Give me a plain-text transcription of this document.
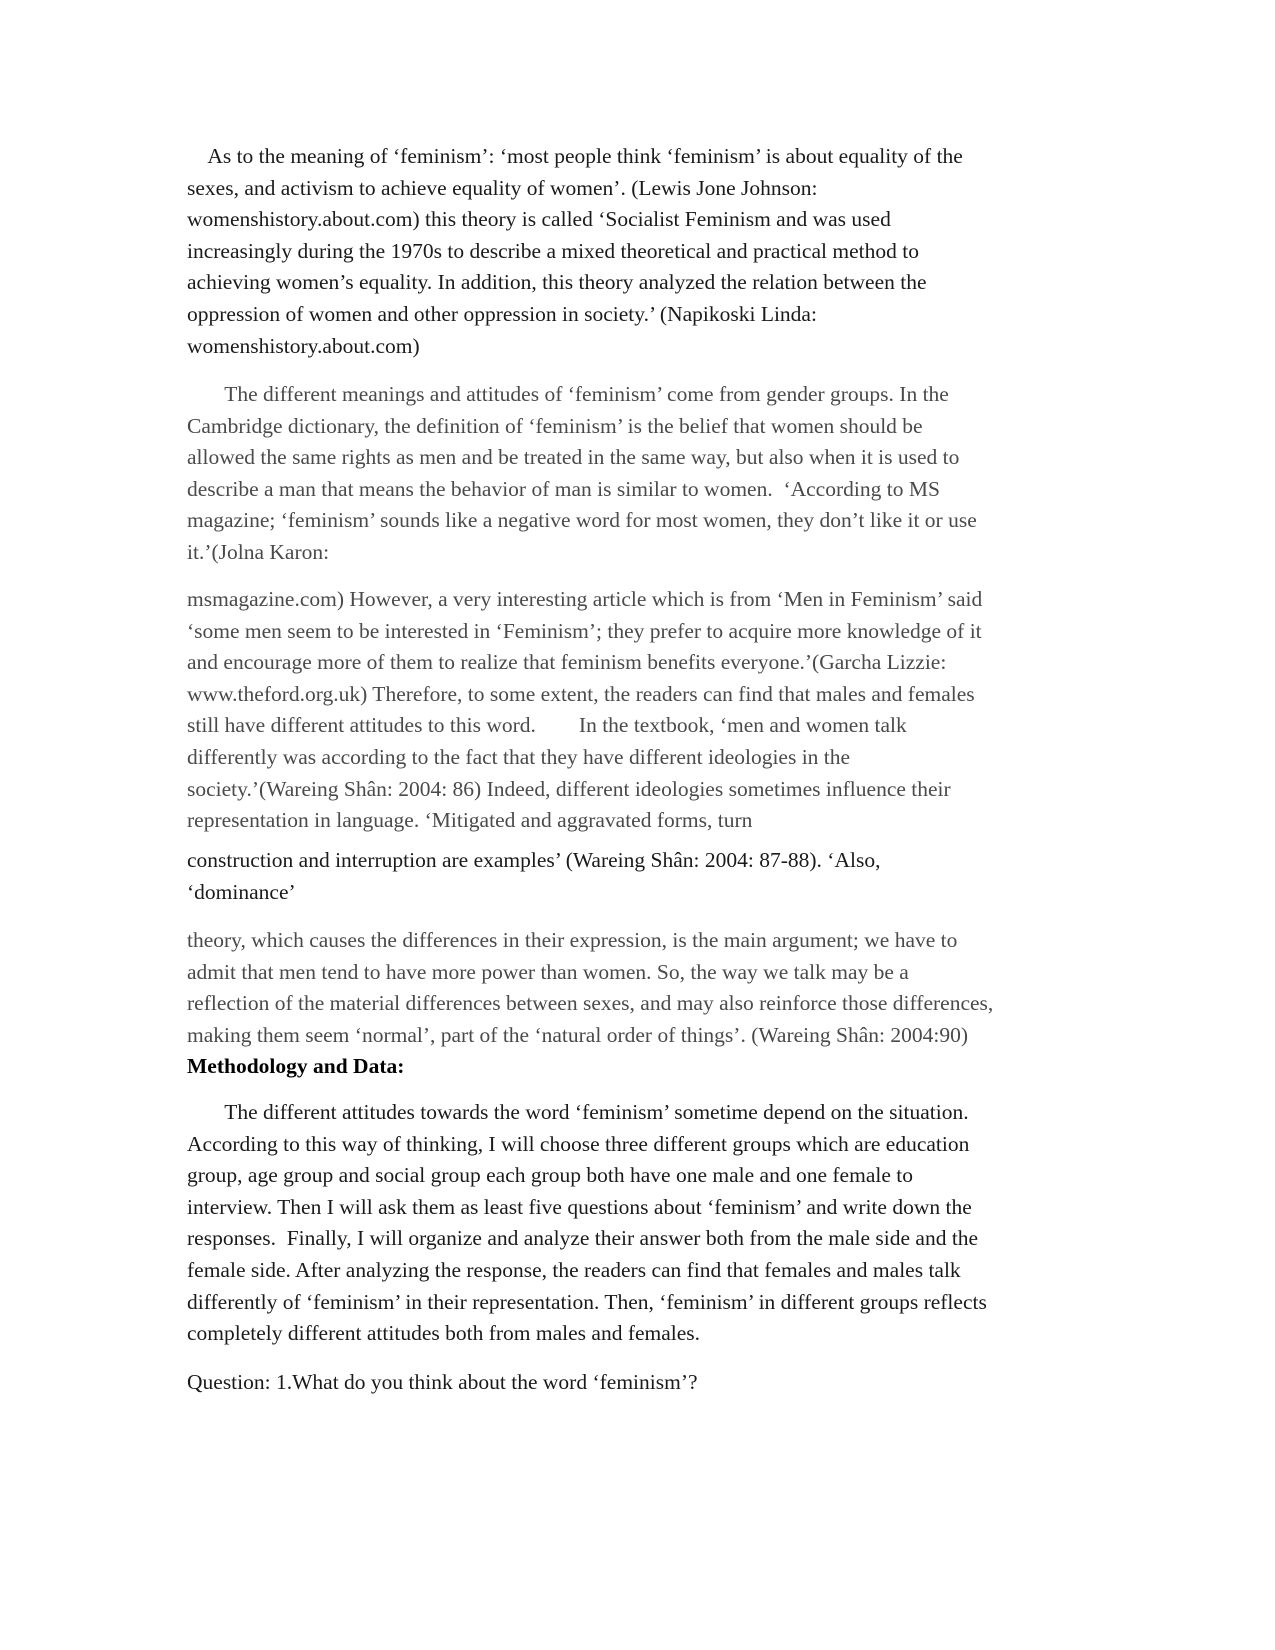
As to the meaning of ‘feminism’: ‘most people think ‘feminism’ is about equality of the
sexes, and activism to achieve equality of women’. (Lewis Jone Johnson:
womenshistory.about.com) this theory is called ‘Socialist Feminism and was used
increasingly during the 1970s to describe a mixed theoretical and practical method to
achieving women’s equality. In addition, this theory analyzed the relation between the
oppression of women and other oppression in society.’ (Napikoski Linda:
womenshistory.about.com)

The different meanings and attitudes of ‘feminism’ come from gender groups. In the
Cambridge dictionary, the definition of ‘feminism’ is the belief that women should be
allowed the same rights as men and be treated in the same way, but also when it is used to
describe a man that means the behavior of man is similar to women.  ‘According to MS
magazine; ‘feminism’ sounds like a negative word for most women, they don’t like it or use
it.’(Jolna Karon:

msmagazine.com) However, a very interesting article which is from ‘Men in Feminism’ said
‘some men seem to be interested in ‘Feminism’; they prefer to acquire more knowledge of it
and encourage more of them to realize that feminism benefits everyone.’(Garcha Lizzie:
www.theford.org.uk) Therefore, to some extent, the readers can find that males and females
still have different attitudes to this word.        In the textbook, ‘men and women talk
differently was according to the fact that they have different ideologies in the
society.’(Wareing Shân: 2004: 86) Indeed, different ideologies sometimes influence their
representation in language. ‘Mitigated and aggravated forms, turn

construction and interruption are examples’ (Wareing Shân: 2004: 87-88). ‘Also,
‘dominance’

theory, which causes the differences in their expression, is the main argument; we have to
admit that men tend to have more power than women. So, the way we talk may be a
reflection of the material differences between sexes, and may also reinforce those differences,
making them seem ‘normal’, part of the ‘natural order of things’. (Wareing Shân: 2004:90)
Methodology and Data:

The different attitudes towards the word ‘feminism’ sometime depend on the situation.
According to this way of thinking, I will choose three different groups which are education
group, age group and social group each group both have one male and one female to
interview. Then I will ask them as least five questions about ‘feminism’ and write down the
responses.  Finally, I will organize and analyze their answer both from the male side and the
female side. After analyzing the response, the readers can find that females and males talk
differently of ‘feminism’ in their representation. Then, ‘feminism’ in different groups reflects
completely different attitudes both from males and females.

Question: 1.What do you think about the word ‘feminism’?
